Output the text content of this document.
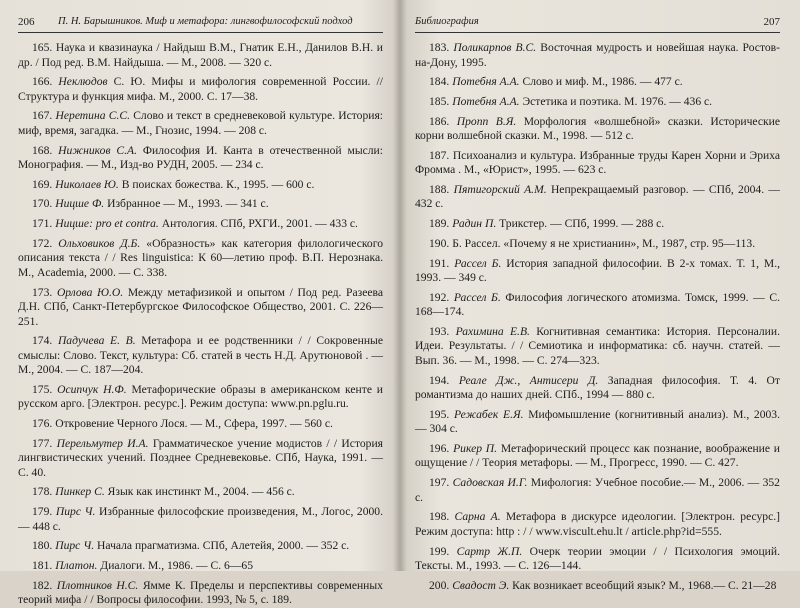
206 П. Н. Барышников. Миф и метафора: лингвофилософский подход

165. Наука и квазинаука / Найдыш В.М., Гнатик Е.Н., Данилов В.Н. и др. / Под ред. В.М. Найдыша. — М., 2008. — 320 с.

166. Неклюдов С. Ю. Мифы и мифология современной России. // Структура и функция мифа. М., 2000. С. 17—38.

167. Неретина С.С. Слово и текст в средневековой культуре. История: миф, время, загадка. — М., Гнозис, 1994. — 208 с.

168. Нижников С.А. Философия И. Канта в отечественной мысли: Монография. — М., Изд-во РУДН, 2005. — 234 с.

169. Николаев Ю. В поисках божества. К., 1995. — 600 с.

170. Ницше Ф. Избранное — М., 1993. — 341 с.

171. Ницше: pro et contra. Антология. СПб, РХГИ., 2001. — 433 с.

172. Ольховиков Д.Б. «Образность» как категория филологического описания текста / / Res linguistica: К 60—летию проф. В.П. Нерознака. М., Academia, 2000. — С. 338.

173. Орлова Ю.О. Между метафизикой и опытом / Под ред. Разеева Д.Н. СПб, Санкт-Петербургское Философское Общество, 2001. С. 226—251.

174. Падучева Е. В. Метафора и ее родственники / / Сокровенные смыслы: Слово. Текст, культура: Сб. статей в честь Н.Д. Арутюновой . — М., 2004. — С. 187—204.

175. Осипчук Н.Ф. Метафорические образы в американском кенте и русском арго. [Электрон. ресурс.]. Режим доступа: www.pn.pglu.ru.

176. Откровение Черного Лося. — М., Сфера, 1997. — 560 с.

177. Перельмутер И.А. Грамматическое учение модистов / / История лингвистических учений. Позднее Средневековье. СПб, Наука, 1991. — С. 40.

178. Пинкер С. Язык как инстинкт М., 2004. — 456 с.

179. Пирс Ч. Избранные философские произведения, М., Логос, 2000. — 448 с.

180. Пирс Ч. Начала прагматизма. СПб, Алетейя, 2000. — 352 с.

181. Платон. Диалоги. М., 1986. — С. 6—65

182. Плотников Н.С. Ямме К. Пределы и перспективы современных теорий мифа / / Вопросы философии. 1993, № 5, с. 189.

Библиография	207

183. Поликарпов В.С. Восточная мудрость и новейшая наука. Ростов-на-Дону, 1995.

184. Потебня А.А. Слово и миф. М., 1986. — 477 с.

185. Потебня А.А. Эстетика и поэтика. М. 1976. — 436 с.

186. Пропп В.Я. Морфология «волшебной» сказки. Исторические корни волшебной сказки. М., 1998. — 512 с.

187. Психоанализ и культура. Избранные труды Карен Хорни и Эриха Фромма . М., «Юрист», 1995. — 623 с.

188. Пятигорский А.М. Непрекращаемый разговор. — СПб, 2004. — 432 с.

189. Радин П. Трикстер. — СПб, 1999. — 288 с.

190. Б. Рассел. «Почему я не христианин», М., 1987, стр. 95—113.

191. Рассел Б. История западной философии. В 2-х томах. Т. 1, М., 1993. — 349 с.

192. Рассел Б. Философия логического атомизма. Томск, 1999. — С. 168—174.

193. Рахимина Е.В. Когнитивная семантика: История. Персоналии. Идеи. Результаты. / / Семиотика и информатика: сб. научн. статей. — Вып. 36. — М., 1998. — С. 274—323.

194. Реале Дж., Антисери Д. Западная философия. Т. 4. От романтизма до наших дней. СПб., 1994 — 880 с.

195. Режабек Е.Я. Мифомышление (когнитивный анализ). М., 2003. — 304 с.

196. Рикер П. Метафорический процесс как познание, воображение и ощущение / / Теория метафоры. — М., Прогресс, 1990. — С. 427.

197. Садовская И.Г. Мифология: Учебное пособие.— М., 2006. — 352 с.

198. Сарна А. Метафора в дискурсе идеологии. [Электрон. ресурс.] Режим доступа: http : / / www.viscult.ehu.lt / article.php?id=555.

199. Сартр Ж.П. Очерк теории эмоции / / Психология эмоций. Тексты. М., 1993. — С. 126—144.

200. Свадост Э. Как возникает всеобщий язык? М., 1968.— С. 21—28
